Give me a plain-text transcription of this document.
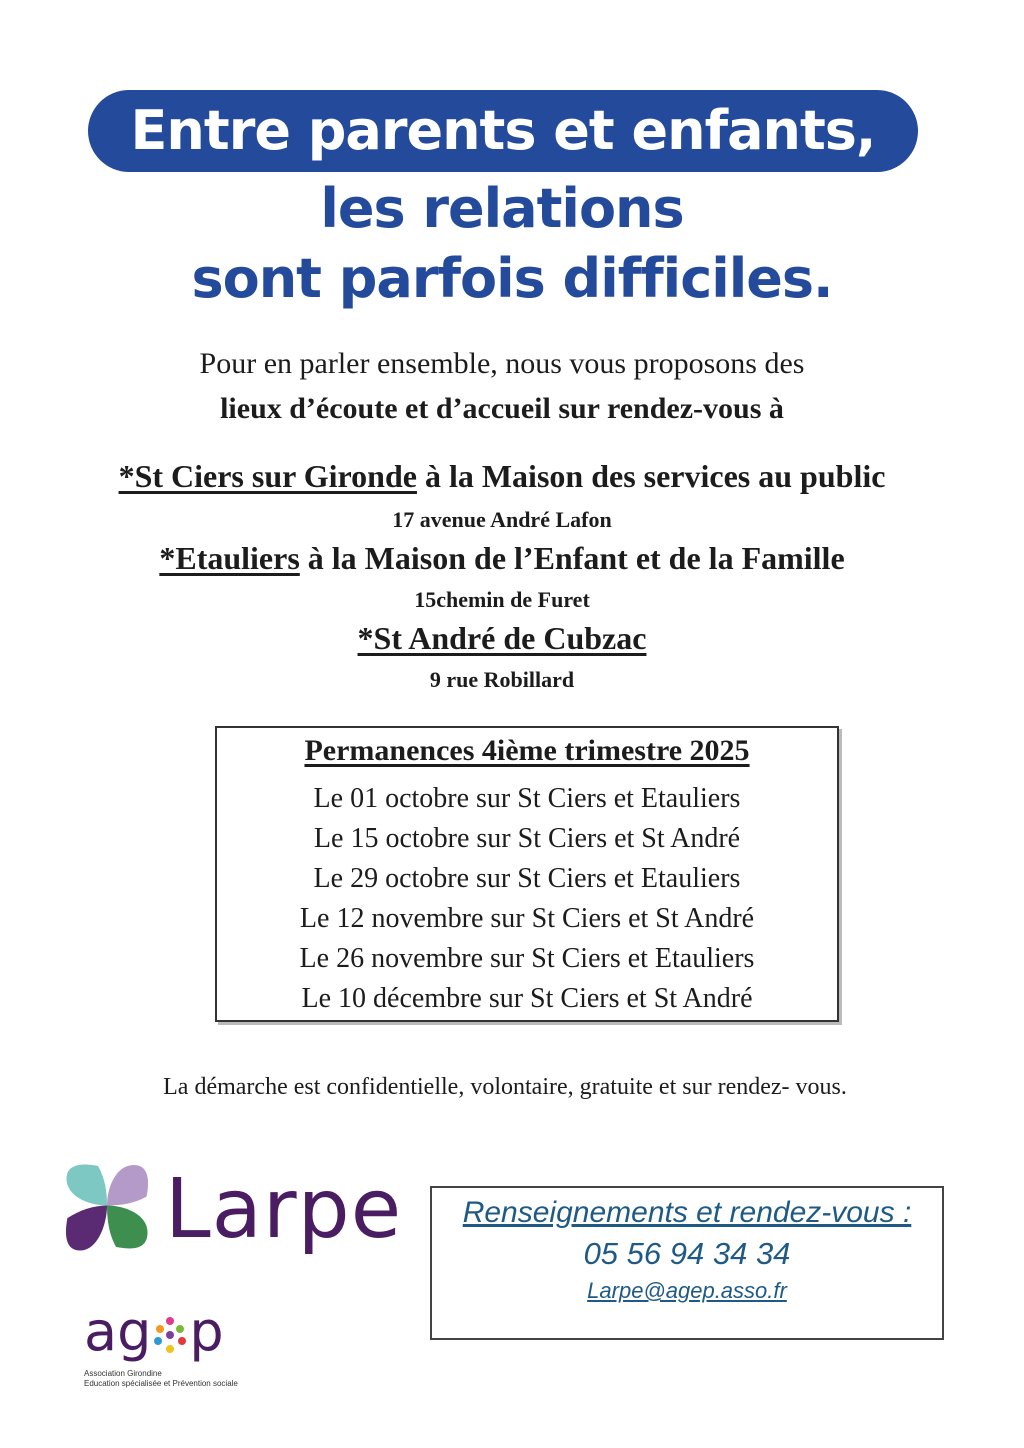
Entre parents et enfants,
les relations
sont parfois difficiles.
Pour en parler ensemble, nous vous proposons des
lieux d’écoute et d’accueil sur rendez-vous à
*St Ciers sur Gironde à la Maison des services au public
17 avenue André Lafon
*Etauliers à la Maison de l’Enfant et de la Famille
15chemin de Furet
*St André de Cubzac
9 rue Robillard
Permanences 4ième trimestre 2025
Le 01 octobre sur St Ciers et Etauliers
Le 15 octobre sur St Ciers et St André
Le 29 octobre sur St Ciers et Etauliers
Le 12 novembre sur St Ciers et St André
Le 26 novembre sur St Ciers et Etauliers
Le 10 décembre sur St Ciers et St André
La démarche est confidentielle, volontaire, gratuite et sur rendez- vous.
Larpe
ag p
Association Girondine
Education spécialisée et Prévention sociale
Renseignements et rendez-vous :
05 56 94 34 34
Larpe@agep.asso.fr
